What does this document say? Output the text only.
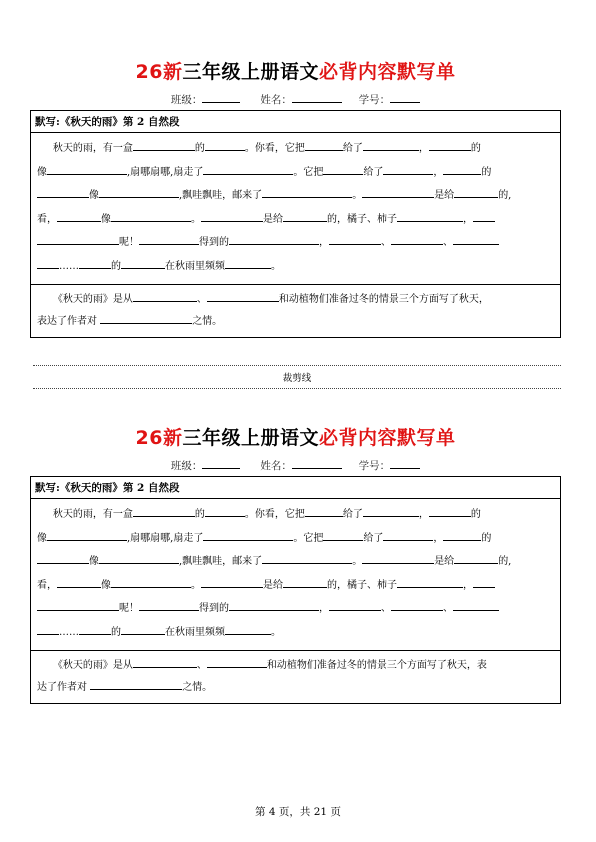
26新三年级上册语文必背内容默写单
班级：	姓名：	学号：
默写:《秋天的雨》第 2 自然段
秋天的雨，有一盒	的	。你看，它把	给了	，	的
像	,扇哪扇哪,扇走了	。它把	给了	，	的
像	,飘哇飘哇，邮来了	。	是给	的,
看，	像	。	是给	的，橘子、柿子	，
呢！	得到的	，	、	、
……	的	在秋雨里频频	。
《秋天的雨》是从	、	和动植物们准备过冬的情景三个方面写了秋天，
表达了作者对	之情。
裁剪线
26新三年级上册语文必背内容默写单
班级：	姓名：	学号：
默写:《秋天的雨》第 2 自然段
秋天的雨，有一盒	的	。你看，它把	给了	，	的
像	,扇哪扇哪,扇走了	。它把	给了	，	的
像	,飘哇飘哇，邮来了	。	是给	的,
看，	像	。	是给	的，橘子、柿子	，
呢！	得到的	，	、	、
……	的	在秋雨里频频	。
《秋天的雨》是从	、	和动植物们准备过冬的情景三个方面写了秋天，表
达了作者对	之情。
第 4 页，共 21 页
